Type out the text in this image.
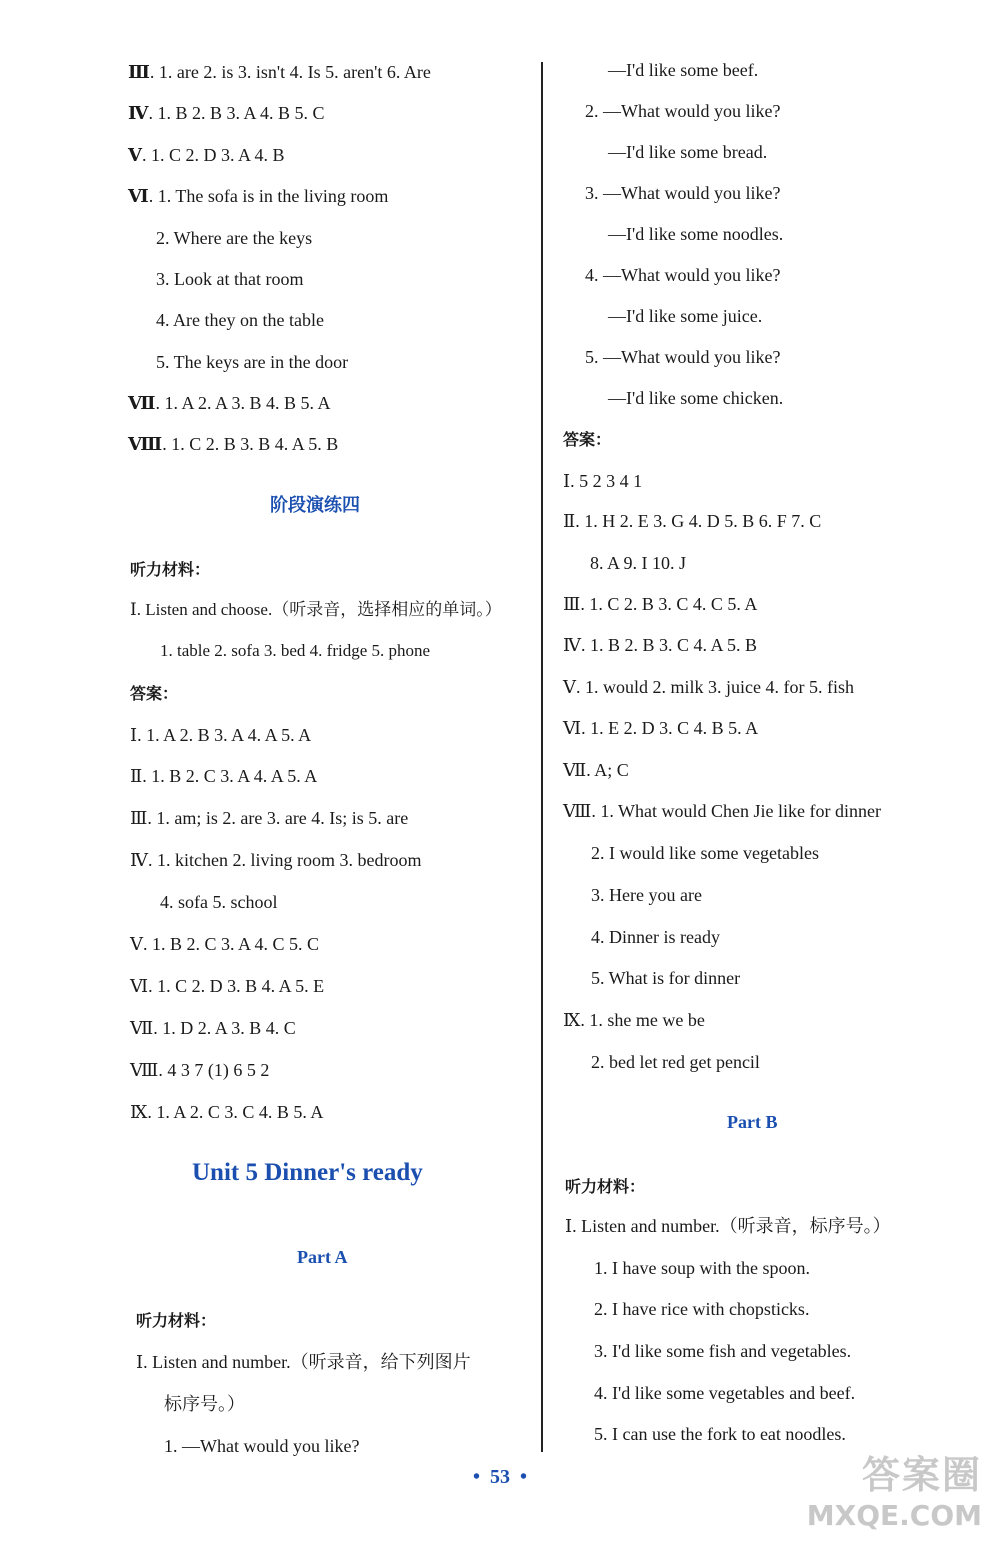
Ⅲ. 1. are 2. is 3. isn't 4. Is 5. aren't 6. Are
Ⅳ. 1. B 2. B 3. A 4. B 5. C
Ⅴ. 1. C 2. D 3. A 4. B
Ⅵ. 1. The sofa is in the living room
2. Where are the keys
3. Look at that room
4. Are they on the table
5. The keys are in the door
Ⅶ. 1. A 2. A 3. B 4. B 5. A
Ⅷ. 1. C 2. B 3. B 4. A 5. B
阶段演练四
听力材料：
Ⅰ. Listen and choose.（听录音，选择相应的单词。）
1. table 2. sofa 3. bed 4. fridge 5. phone
答案：
Ⅰ. 1. A 2. B 3. A 4. A 5. A
Ⅱ. 1. B 2. C 3. A 4. A 5. A
Ⅲ. 1. am; is 2. are 3. are 4. Is; is 5. are
Ⅳ. 1. kitchen 2. living room 3. bedroom
4. sofa 5. school
Ⅴ. 1. B 2. C 3. A 4. C 5. C
Ⅵ. 1. C 2. D 3. B 4. A 5. E
Ⅶ. 1. D 2. A 3. B 4. C
Ⅷ. 4 3 7 (1) 6 5 2
Ⅸ. 1. A 2. C 3. C 4. B 5. A
Unit 5 Dinner's ready
Part A
听力材料：
Ⅰ. Listen and number.（听录音，给下列图片
标序号。）
1. —What would you like?
—I'd like some beef.
2. —What would you like?
—I'd like some bread.
3. —What would you like?
—I'd like some noodles.
4. —What would you like?
—I'd like some juice.
5. —What would you like?
—I'd like some chicken.
答案：
Ⅰ. 5 2 3 4 1
Ⅱ. 1. H 2. E 3. G 4. D 5. B 6. F 7. C
8. A 9. I 10. J
Ⅲ. 1. C 2. B 3. C 4. C 5. A
Ⅳ. 1. B 2. B 3. C 4. A 5. B
Ⅴ. 1. would 2. milk 3. juice 4. for 5. fish
Ⅵ. 1. E 2. D 3. C 4. B 5. A
Ⅶ. A; C
Ⅷ. 1. What would Chen Jie like for dinner
2. I would like some vegetables
3. Here you are
4. Dinner is ready
5. What is for dinner
Ⅸ. 1. she me we be
2. bed let red get pencil
Part B
听力材料：
Ⅰ. Listen and number.（听录音，标序号。）
1. I have soup with the spoon.
2. I have rice with chopsticks.
3. I'd like some fish and vegetables.
4. I'd like some vegetables and beef.
5. I can use the fork to eat noodles.
•  53  •	答案圈
MXQE.COM
